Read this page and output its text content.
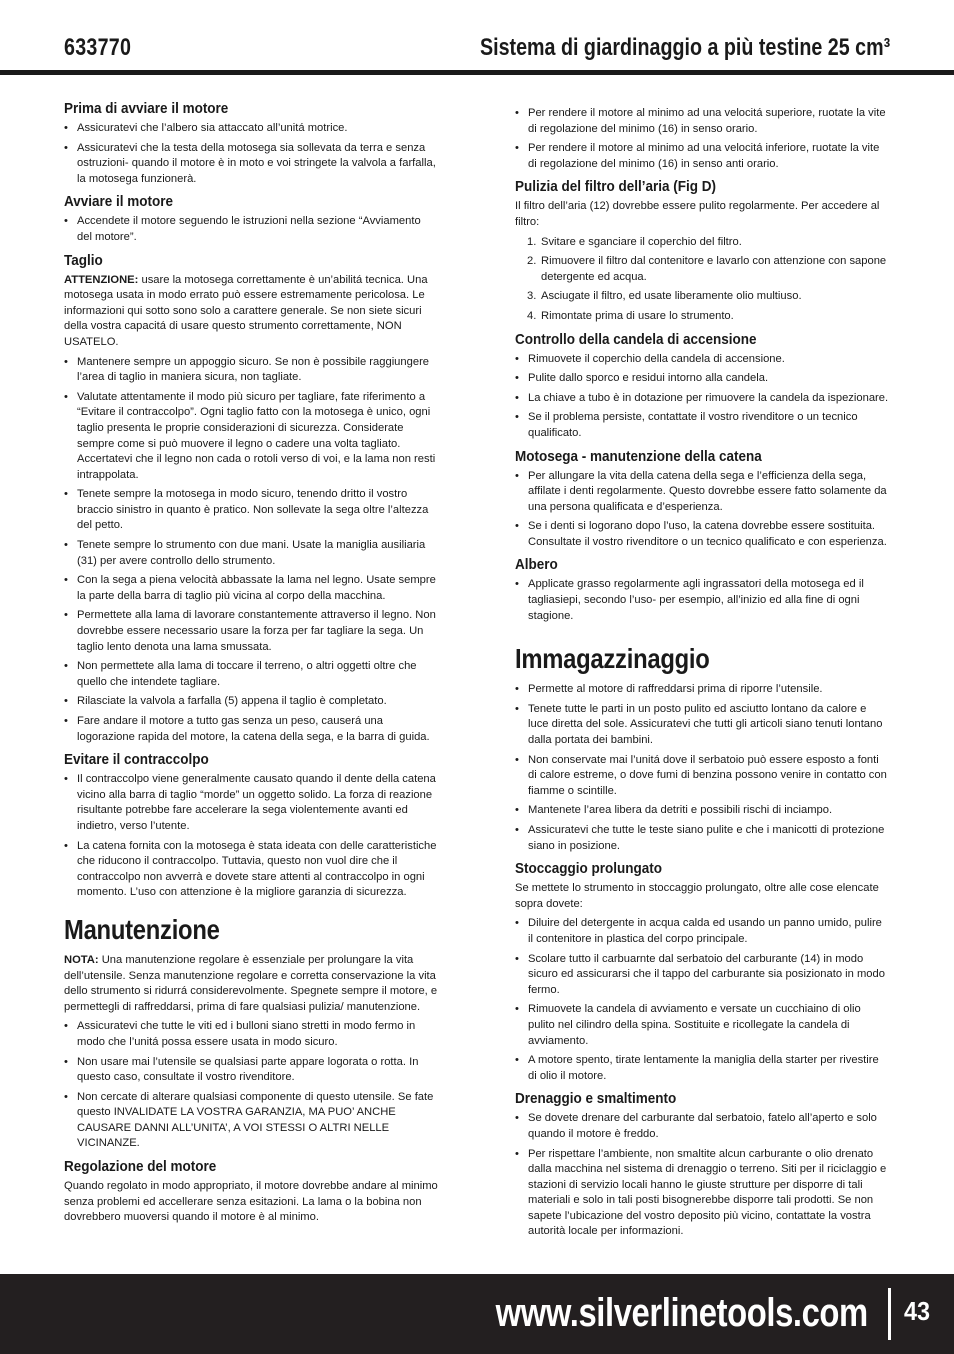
633770	Sistema di giardinaggio a più testine 25 cm³
Prima di avviare il motore
• Assicuratevi che l’albero sia attaccato all’unitá motrice.
• Assicuratevi che la testa della motosega sia sollevata da terra e senza ostruzioni- quando il motore è in moto e voi stringete la valvola a farfalla, la motosega funzionerà.
Avviare il motore
• Accendete il motore seguendo le istruzioni nella sezione “Avviamento del motore”.
Taglio
ATTENZIONE: usare la motosega correttamente è un’abilitá tecnica. Una motosega usata in modo errato può essere estremamente pericolosa. Le informazioni qui sotto sono solo a carattere generale. Se non siete sicuri della vostra capacitá di usare questo strumento correttamente, NON USATELO.
• Mantenere sempre un appoggio sicuro. Se non è possibile raggiungere l’area di taglio in maniera sicura, non tagliate.
• Valutate attentamente il modo più sicuro per tagliare, fate riferimento a “Evitare il contraccolpo”. Ogni taglio fatto con la motosega è unico, ogni taglio presenta le proprie considerazioni di sicurezza. Considerate sempre come si può muovere il legno o cadere una volta tagliato. Accertatevi che il legno non cada o rotoli verso di voi, e la lama non resti intrappolata.
• Tenete sempre la motosega in modo sicuro, tenendo dritto il vostro braccio sinistro in quanto è pratico. Non sollevate la sega oltre l’altezza del petto.
• Tenete sempre lo strumento con due mani. Usate la maniglia ausiliaria (31) per avere controllo dello strumento.
• Con la sega a piena velocità abbassate la lama nel legno. Usate sempre la parte della barra di taglio più vicina al corpo della macchina.
• Permettete alla lama di lavorare constantemente attraverso il legno. Non dovrebbe essere necessario usare la forza per far tagliare la sega. Un taglio lento denota una lama smussata.
• Non permettete alla lama di toccare il terreno, o altri oggetti oltre che quello che intendete tagliare.
• Rilasciate la valvola a farfalla (5) appena il taglio è completato.
• Fare andare il motore a tutto gas senza un peso, causerá una logorazione rapida del motore, la catena della sega, e la barra di guida.
Evitare il contraccolpo
• Il contraccolpo viene generalmente causato quando il dente della catena vicino alla barra di taglio “morde” un oggetto solido. La forza di reazione risultante potrebbe fare accelerare la sega violentemente avanti ed indietro, verso l’utente.
• La catena fornita con la motosega è stata ideata con delle caratteristiche che riducono il contraccolpo. Tuttavia, questo non vuol dire che il contraccolpo non avverrà e dovete stare attenti al contraccolpo in ogni momento. L’uso con attenzione è la migliore garanzia di sicurezza.
Manutenzione
NOTA: Una manutenzione regolare è essenziale per prolungare la vita dell’utensile. Senza manutenzione regolare e corretta conservazione la vita dello strumento si ridurrá considerevolmente. Spegnete sempre il motore, e permettegli di raffreddarsi, prima di fare qualsiasi pulizia/ manutenzione.
• Assicuratevi che tutte le viti ed i bulloni siano stretti in modo fermo in modo che l’unitá possa essere usata in modo sicuro.
• Non usare mai l’utensile se qualsiasi parte appare logorata o rotta. In questo caso, consultate il vostro rivenditore.
• Non cercate di alterare qualsiasi componente di questo utensile. Se fate questo INVALIDATE LA VOSTRA GARANZIA, MA PUO’ ANCHE CAUSARE DANNI ALL’UNITA’, A VOI STESSI O ALTRI NELLE VICINANZE.
Regolazione del motore
Quando regolato in modo appropriato, il motore dovrebbe andare al minimo senza problemi ed accellerare senza esitazioni. La lama o la bobina non dovrebbero muoversi quando il motore è al minimo.
• Per rendere il motore al minimo ad una velocitá superiore, ruotate la vite di regolazione del minimo (16) in senso orario.
• Per rendere il motore al minimo ad una velocitá inferiore, ruotate la vite di regolazione del minimo (16) in senso anti orario.
Pulizia del filtro dell’aria (Fig D)
Il filtro dell’aria (12) dovrebbe essere pulito regolarmente. Per accedere al filtro:
1. Svitare e sganciare il coperchio del filtro.
2. Rimuovere il filtro dal contenitore e lavarlo con attenzione con sapone detergente ed acqua.
3. Asciugate il filtro, ed usate liberamente olio multiuso.
4. Rimontate prima di usare lo strumento.
Controllo della candela di accensione
• Rimuovete il coperchio della candela di accensione.
• Pulite dallo sporco e residui intorno alla candela.
• La chiave a tubo è in dotazione per rimuovere la candela da ispezionare.
• Se il problema persiste, contattate il vostro rivenditore o un tecnico qualificato.
Motosega - manutenzione della catena
• Per allungare la vita della catena della sega e l’efficienza della sega, affilate i denti regolarmente. Questo dovrebbe essere fatto solamente da una persona qualificata e d’esperienza.
• Se i denti si logorano dopo l’uso, la catena dovrebbe essere sostituita. Consultate il vostro rivenditore o un tecnico qualificato e con esperienza.
Albero
• Applicate grasso regolarmente agli ingrassatori della motosega ed il tagliasiepi, secondo l’uso- per esempio, all’inizio ed alla fine di ogni stagione.
Immagazzinaggio
• Permette al motore di raffreddarsi prima di riporre l’utensile.
• Tenete tutte le parti in un posto pulito ed asciutto lontano da calore e luce diretta del sole. Assicuratevi che tutti gli articoli siano tenuti lontano dalla portata dei bambini.
• Non conservate mai l’unitá dove il serbatoio può essere esposto a fonti di calore estreme, o dove fumi di benzina possono venire in contatto con fiamme o scintille.
• Mantenete l’area libera da detriti e possibili rischi di inciampo.
• Assicuratevi che tutte le teste siano pulite e che i manicotti di protezione siano in posizione.
Stoccaggio prolungato
Se mettete lo strumento in stoccaggio prolungato, oltre alle cose elencate sopra dovete:
• Diluire del detergente in acqua calda ed usando un panno umido, pulire il contenitore in plastica del corpo principale.
• Scolare tutto il carbuarnte dal serbatoio del carburante (14) in modo sicuro ed assicurarsi che il tappo del carburante sia posizionato in modo fermo.
• Rimuovete la candela di avviamento e versate un cucchiaino di olio pulito nel cilindro della spina. Sostituite e ricollegate la candela di avviamento.
• A motore spento, tirate lentamente la maniglia della starter per rivestire di olio il motore.
Drenaggio e smaltimento
• Se dovete drenare del carburante dal serbatoio, fatelo all’aperto e solo quando il motore è freddo.
• Per rispettare l’ambiente, non smaltite alcun carburante o olio drenato dalla macchina nel sistema di drenaggio o terreno. Siti per il riciclaggio e stazioni di servizio locali hanno le giuste strutture per disporre di tali materiali e solo in tali posti bisognerebbe disporre tali prodotti. Se non sapete l’ubicazione del vostro deposito più vicino, contattate la vostra autorità locale per informazioni.
www.silverlinetools.com 43
